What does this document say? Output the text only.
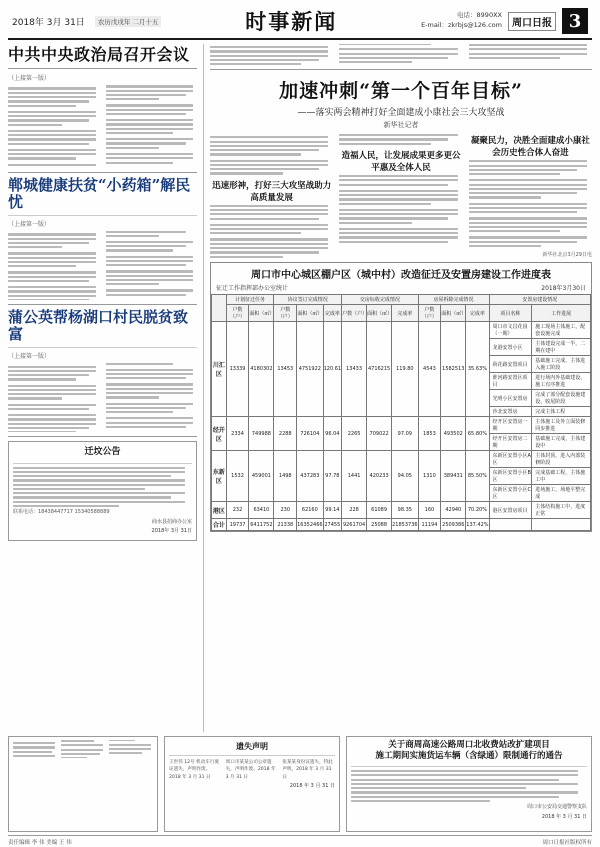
2018年 3月 31日	农历戊戌年 二月十五	时事新闻	电话：8990XX
E-mail：zkrbjs@126.com	周口日报 3
中共中央政治局召开会议
（上接第一版）
郸城健康扶贫“小药箱”解民忧
（上接第一版）
蒲公英帮杨湖口村民脱贫致富
（上接第一版）
迁坟公告
联系电话：18438447717 15340588889
商水县招商办公室
2018年 3月 31日
加速冲刺“第一个百年目标”
——落实两会精神打好全面建成小康社会三大攻坚战
新华社记者
迅速形神，打好三大攻坚战助力高质量发展
造福人民，让发展成果更多更公平惠及全体人民
凝聚民力，决胜全面建成小康社会历史性合体人奋进
新华社北京3月29日电
周口市中心城区棚户区（城中村）改造征迁及安置房建设工作进度表
征迁工作指挥部办公室统计	2018年3月30日
	计划征迁任务		协议签订完成情况			交房标收完成情况			房屋拆除完成情况			安置房建设情况	
	户数（户）	面积（㎡）	户数（户）	面积（㎡）	完成率	户数（户）	面积（㎡）	完成率	户数（户）	面积（㎡）	完成率	项目名称	工作进展
川汇区	13339	4180302	13453	4751922	120.61	13433	4716215	119.80	4543	1582513	35.63%	周口市文昌花园（一期）	施工现场主体施工，配套设施完成
												龙港安置小区	主体建设完成一半，二期在建中
												荷花路安置项目	基础施工完成，主体进入施工阶段
												淮河路安置区项目	进行场内外基础建设，施工有序推进
												光明小区安置房	完成了部分配套设施建设，收尾阶段
												沙北安置房	完成主体工程
经开区	2334	749988	2288	726104	96.04	2265	709022	97.09	1853	493502	65.80%	经开区安置房一期	主体施工及外立面装修同步推进
												经开区安置房二期	基础施工完成，主体建设中
东新区	1532	459001	1498	437283	97.78	1441	420233	94.05	1310	389431	85.50%	东新区安置小区A区	主体封顶，进入内部装修阶段
												东新区安置小区B区	完成基础工程，主体施工中
												东新区安置小区C区	进场施工，场地平整完成
港区	232	63410	230	62160	99.14	228	61089	98.35	160	42940	70.20%	港区安置房项目	主体结构施工中，进度正常
合计	19737	6411752	21338	16352466	27455	9261704	25088	21853736	11194	2509386	137.42%		
遗失声明
王世伟 12号 机动车行驶证遗失，声明作废。2018 年 3 月 31 日
周口市某某公司公章遗失，声明作废。2018 年 3 月 31 日
张某某身份证遗失，特此声明。2018 年 3 月 31 日
2018 年 3 月 31 日
关于商周高速公路周口北收费站改扩建项目
施工期间实施货运车辆（含绿通）限制通行的通告
周口市公安局交通警察支队
2018 年 3 月 31 日
责任编辑 李 伟 美编 王 伟	周口日报社版权所有
